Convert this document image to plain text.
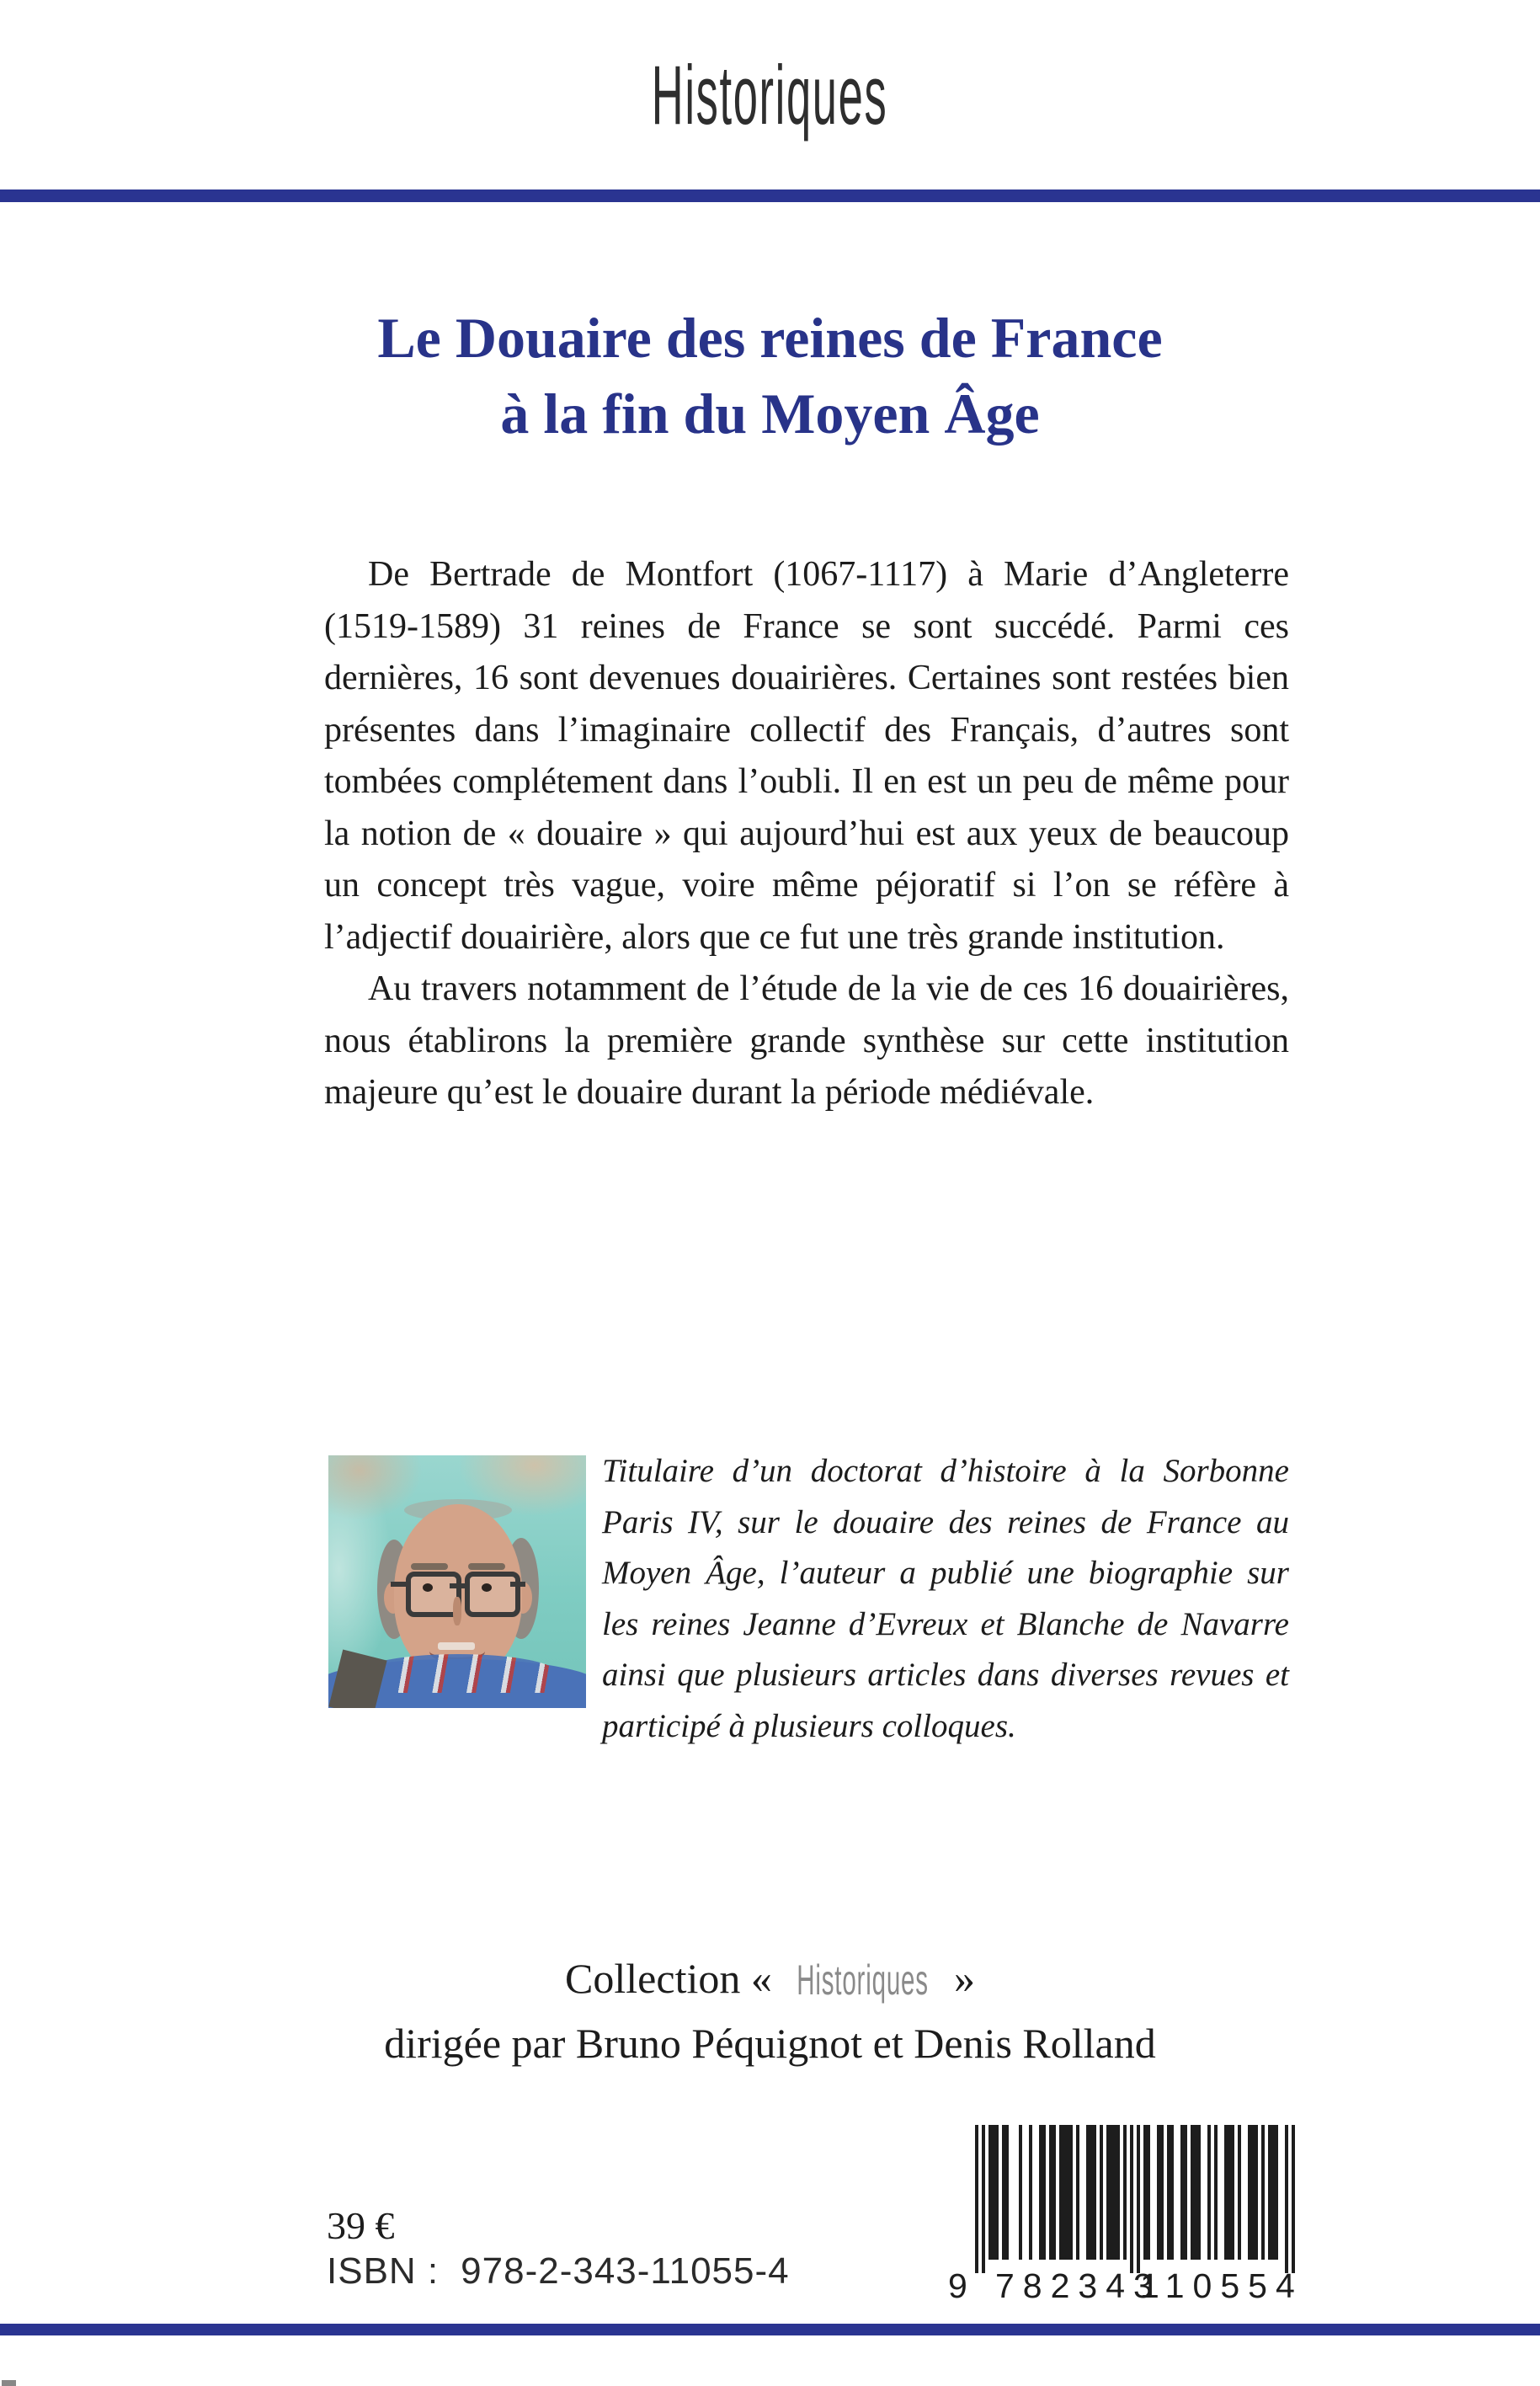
Historiques
Le Douaire des reines de France
à la fin du Moyen Âge

De Bertrade de Montfort (1067-1117) à Marie d’Angleterre (1519-1589) 31 reines de France se sont succédé. Parmi ces dernières, 16 sont devenues douairières. Certaines sont restées bien présentes dans l’imaginaire collectif des Français, d’autres sont tombées complétement dans l’oubli. Il en est un peu de même pour la notion de « douaire » qui aujourd’hui est aux yeux de beaucoup un concept très vague, voire même péjoratif si l’on se réfère à l’adjectif douairière, alors que ce fut une très grande institution.

Au travers notamment de l’étude de la vie de ces 16 douairières, nous établirons la première grande synthèse sur cette institution majeure qu’est le douaire durant la période médiévale.

Titulaire d’un doctorat d’histoire à la Sorbonne Paris IV, sur le douaire des reines de France au Moyen Âge, l’auteur a publié une biographie sur les reines Jeanne d’Evreux et Blanche de Navarre ainsi que plusieurs articles dans diverses revues et participé à plusieurs colloques.

Collection « Historiques »
dirigée par Bruno Péquignot et Denis Rolland
39 €
ISBN : 978-2-343-11055-4	9 782343
110554
